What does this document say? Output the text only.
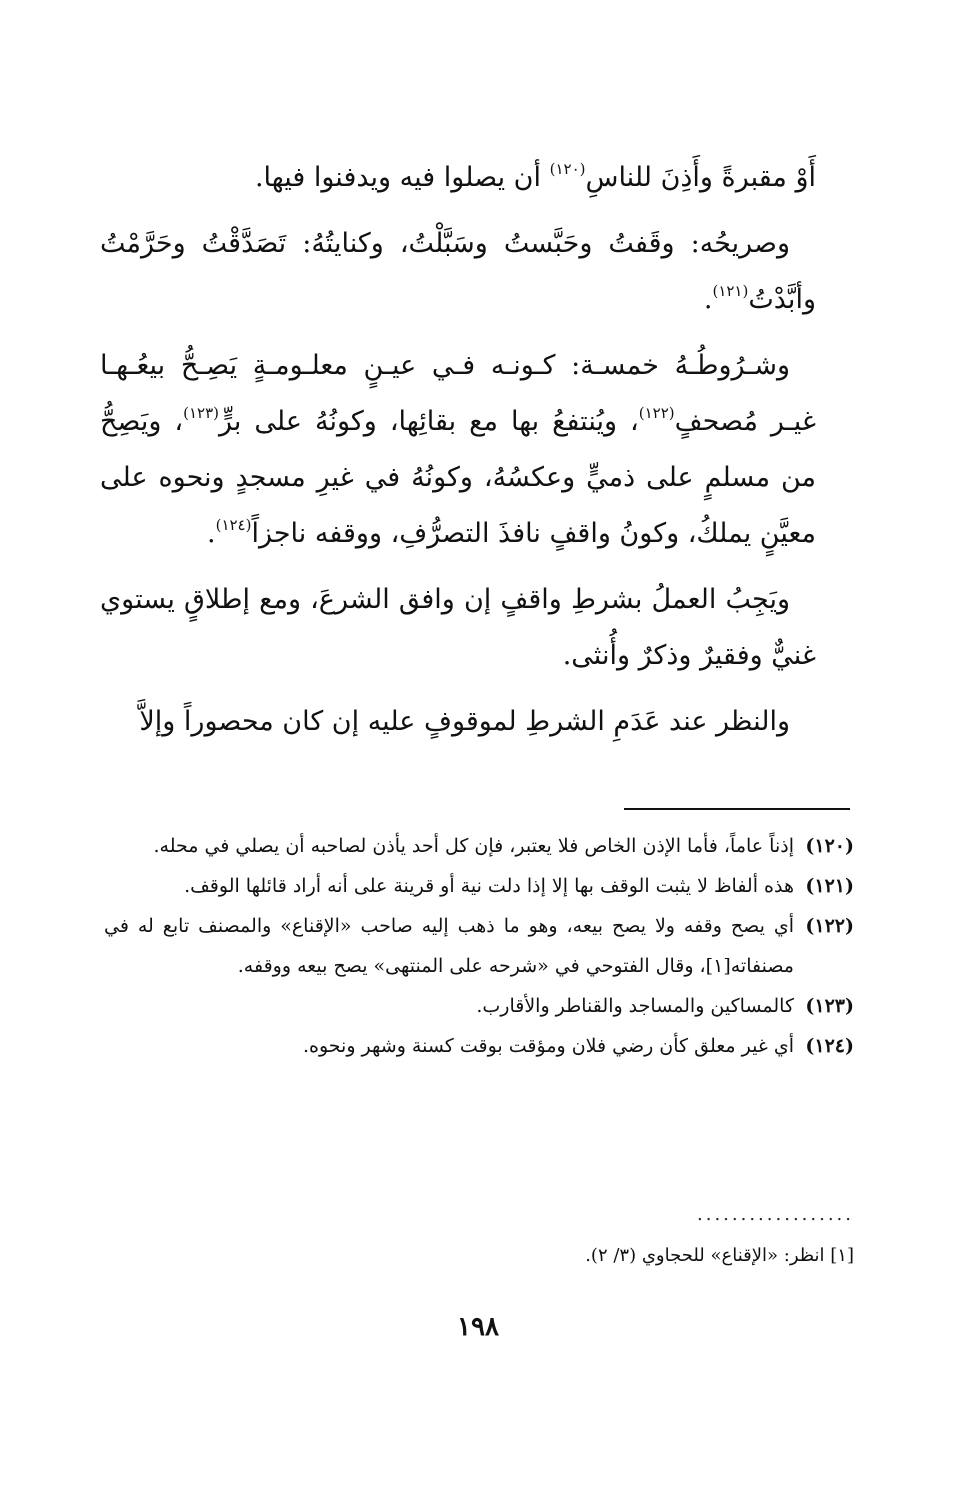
أَوْ مقبرةً وأَذِنَ للناسِ$^{(١٢٠)}$ أن يصلوا فيه ويدفنوا فيها.

وصريحُه: وقَفتُ وحَبَّستُ وسَبَّلْتُ، وكنايتُهُ: تَصَدَّقْتُ وحَرَّمْتُ وأبَّدْتُ$^{(١٢١)}$.

وشـرُوطُـهُ خمسـة: كـونـه فـي عيـنٍ معلـومـةٍ يَصِـحُّ بيعُـهـا غيـر مُصحفٍ$^{(١٢٢)}$، ويُنتفعُ بها مع بقائِها، وكونُهُ على برٍّ$^{(١٢٣)}$، ويَصِحُّ من مسلمٍ على ذميٍّ وعكسُهُ، وكونُهُ في غيرِ مسجدٍ ونحوه على معيَّنٍ يملكُ، وكونُ واقفٍ نافذَ التصرُّفِ، ووقفه ناجزاً$^{(١٢٤)}$.

ويَجِبُ العملُ بشرطِ واقفٍ إن وافق الشرعَ، ومع إطلاقٍ يستوي غنيٌّ وفقيرٌ وذكرٌ وأُنثى.

والنظر عند عَدَمِ الشرطِ لموقوفٍ عليه إن كان محصوراً وإلاَّ

(١٢٠)
إذناً عاماً، فأما الإذن الخاص فلا يعتبر، فإن كل أحد يأذن لصاحبه أن يصلي في محله.
(١٢١)
هذه ألفاظ لا يثبت الوقف بها إلا إذا دلت نية أو قرينة على أنه أراد قائلها الوقف.
(١٢٢)
أي يصح وقفه ولا يصح بيعه، وهو ما ذهب إليه صاحب «الإقناع» والمصنف تابع له في مصنفاته[١]، وقال الفتوحي في «شرحه على المنتهى» يصح بيعه ووقفه.
(١٢٣)
كالمساكين والمساجد والقناطر والأقارب.
(١٢٤)
أي غير معلق كأن رضي فلان ومؤقت بوقت كسنة وشهر ونحوه.
..................
[١] انظر: «الإقناع» للحجاوي (٣/ ٢).
١٩٨
